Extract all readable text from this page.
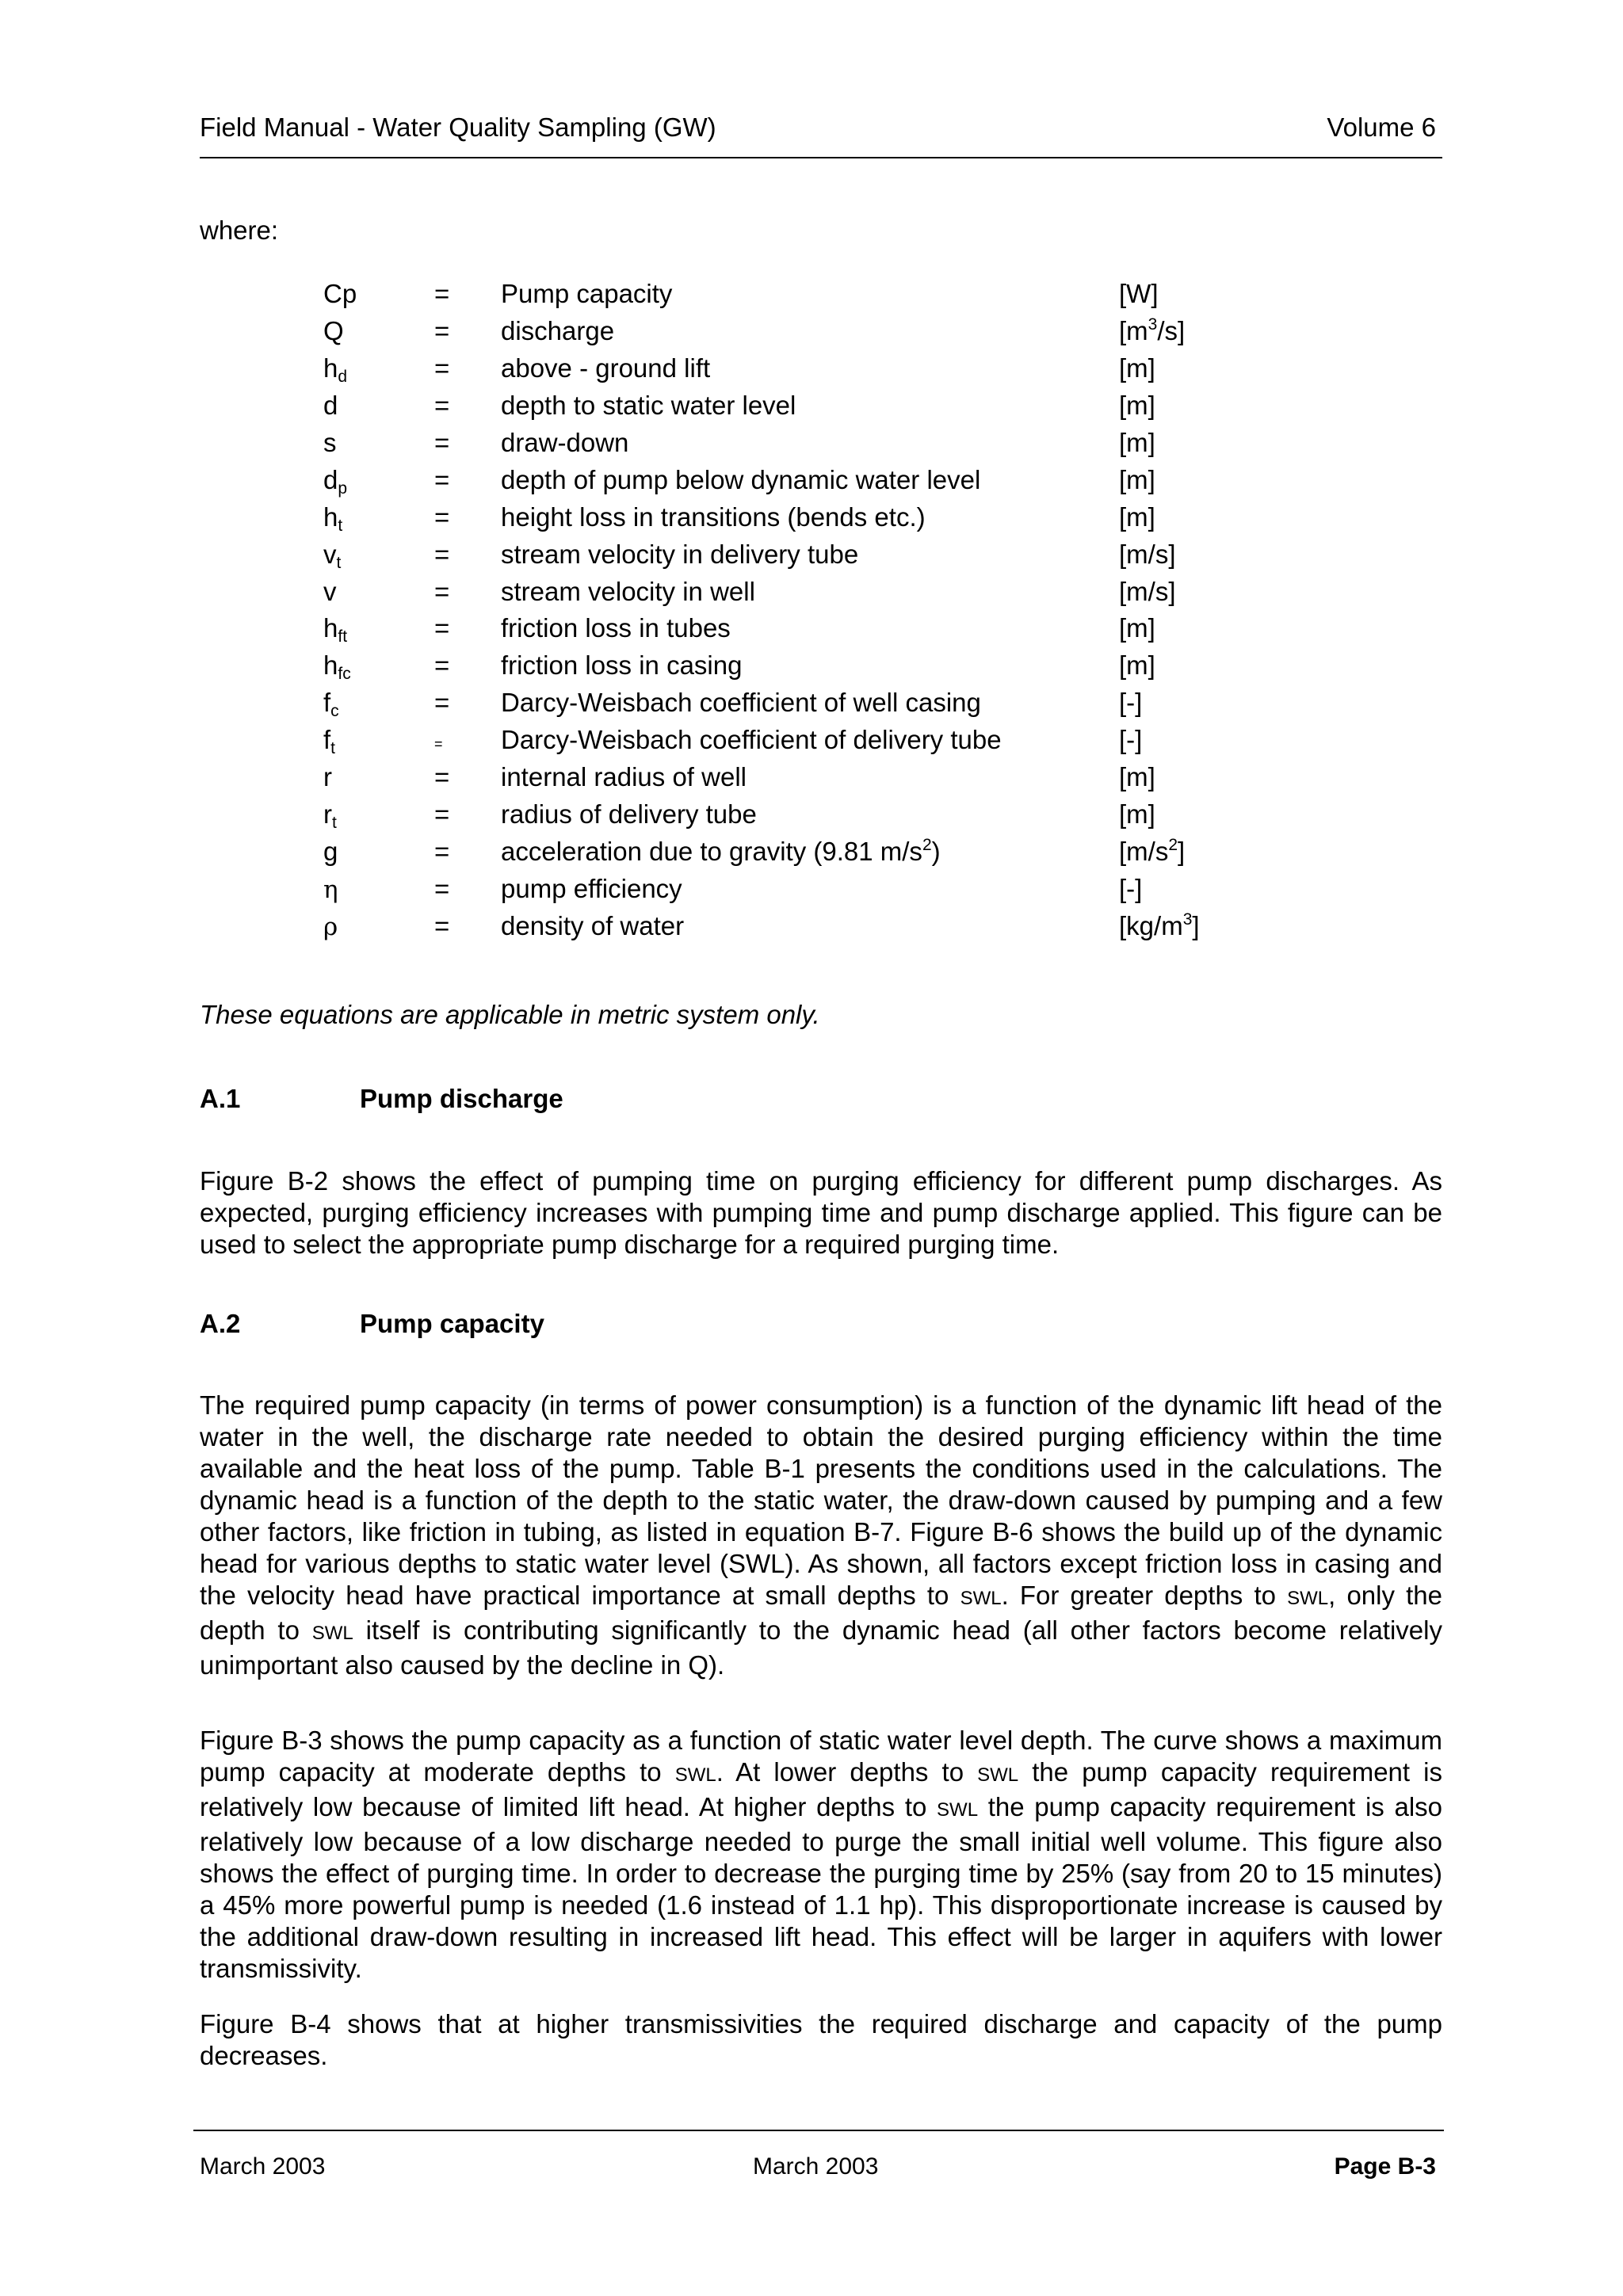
Field Manual - Water Quality Sampling (GW)	Volume 6
where:
Cp	=	Pump capacity	[W]
Q	=	discharge	$[m^3/s]$
$h_d$	=	above - ground lift	[m]
d	=	depth to static water level	[m]
s	=	draw-down	[m]
$d_p$	=	depth of pump below dynamic water level	[m]
$h_t$	=	height loss in transitions (bends etc.)	[m]
$v_t$	=	stream velocity in delivery tube	[m/s]
v	=	stream velocity in well	[m/s]
$h_{ft}$	=	friction loss in tubes	[m]
$h_{fc}$	=	friction loss in casing	[m]
$f_c$	=	Darcy-Weisbach coefficient of well casing	[-]
$f_t$	=	Darcy-Weisbach coefficient of delivery tube	[-]
r	=	internal radius of well	[m]
$r_t$	=	radius of delivery tube	[m]
g	=	acceleration due to gravity (9.81 $m/s^2$)	$[m/s^2]$
η	=	pump efficiency	[-]
ρ	=	density of water	$[kg/m^3]$
These equations are applicable in metric system only.
A.1	Pump discharge

Figure B-2 shows the effect of pumping time on purging efficiency for different pump discharges. As expected, purging efficiency increases with pumping time and pump discharge applied. This figure can be used to select the appropriate pump discharge for a required purging time.

A.2	Pump capacity

The required pump capacity (in terms of power consumption) is a function of the dynamic lift head of the water in the well, the discharge rate needed to obtain the desired purging efficiency within the time available and the heat loss of the pump. Table B-1 presents the conditions used in the calculations. The dynamic head is a function of the depth to the static water, the draw-down caused by pumping and a few other factors, like friction in tubing, as listed in equation B-7. Figure B-6 shows the build up of the dynamic head for various depths to static water level (SWL). As shown, all factors except friction loss in casing and the velocity head have practical importance at small depths to SWL. For greater depths to SWL, only the depth to SWL itself is contributing significantly to the dynamic head (all other factors become relatively unimportant also caused by the decline in Q).

Figure B-3 shows the pump capacity as a function of static water level depth. The curve shows a maximum pump capacity at moderate depths to SWL. At lower depths to SWL the pump capacity requirement is relatively low because of limited lift head. At higher depths to SWL the pump capacity requirement is also relatively low because of a low discharge needed to purge the small initial well volume. This figure also shows the effect of purging time. In order to decrease the purging time by 25% (say from 20 to 15 minutes) a 45% more powerful pump is needed (1.6 instead of 1.1 hp). This disproportionate increase is caused by the additional draw-down resulting in increased lift head. This effect will be larger in aquifers with lower transmissivity.

Figure B-4 shows that at higher transmissivities the required discharge and capacity of the pump decreases.

March 2003	March 2003	Page B-3
